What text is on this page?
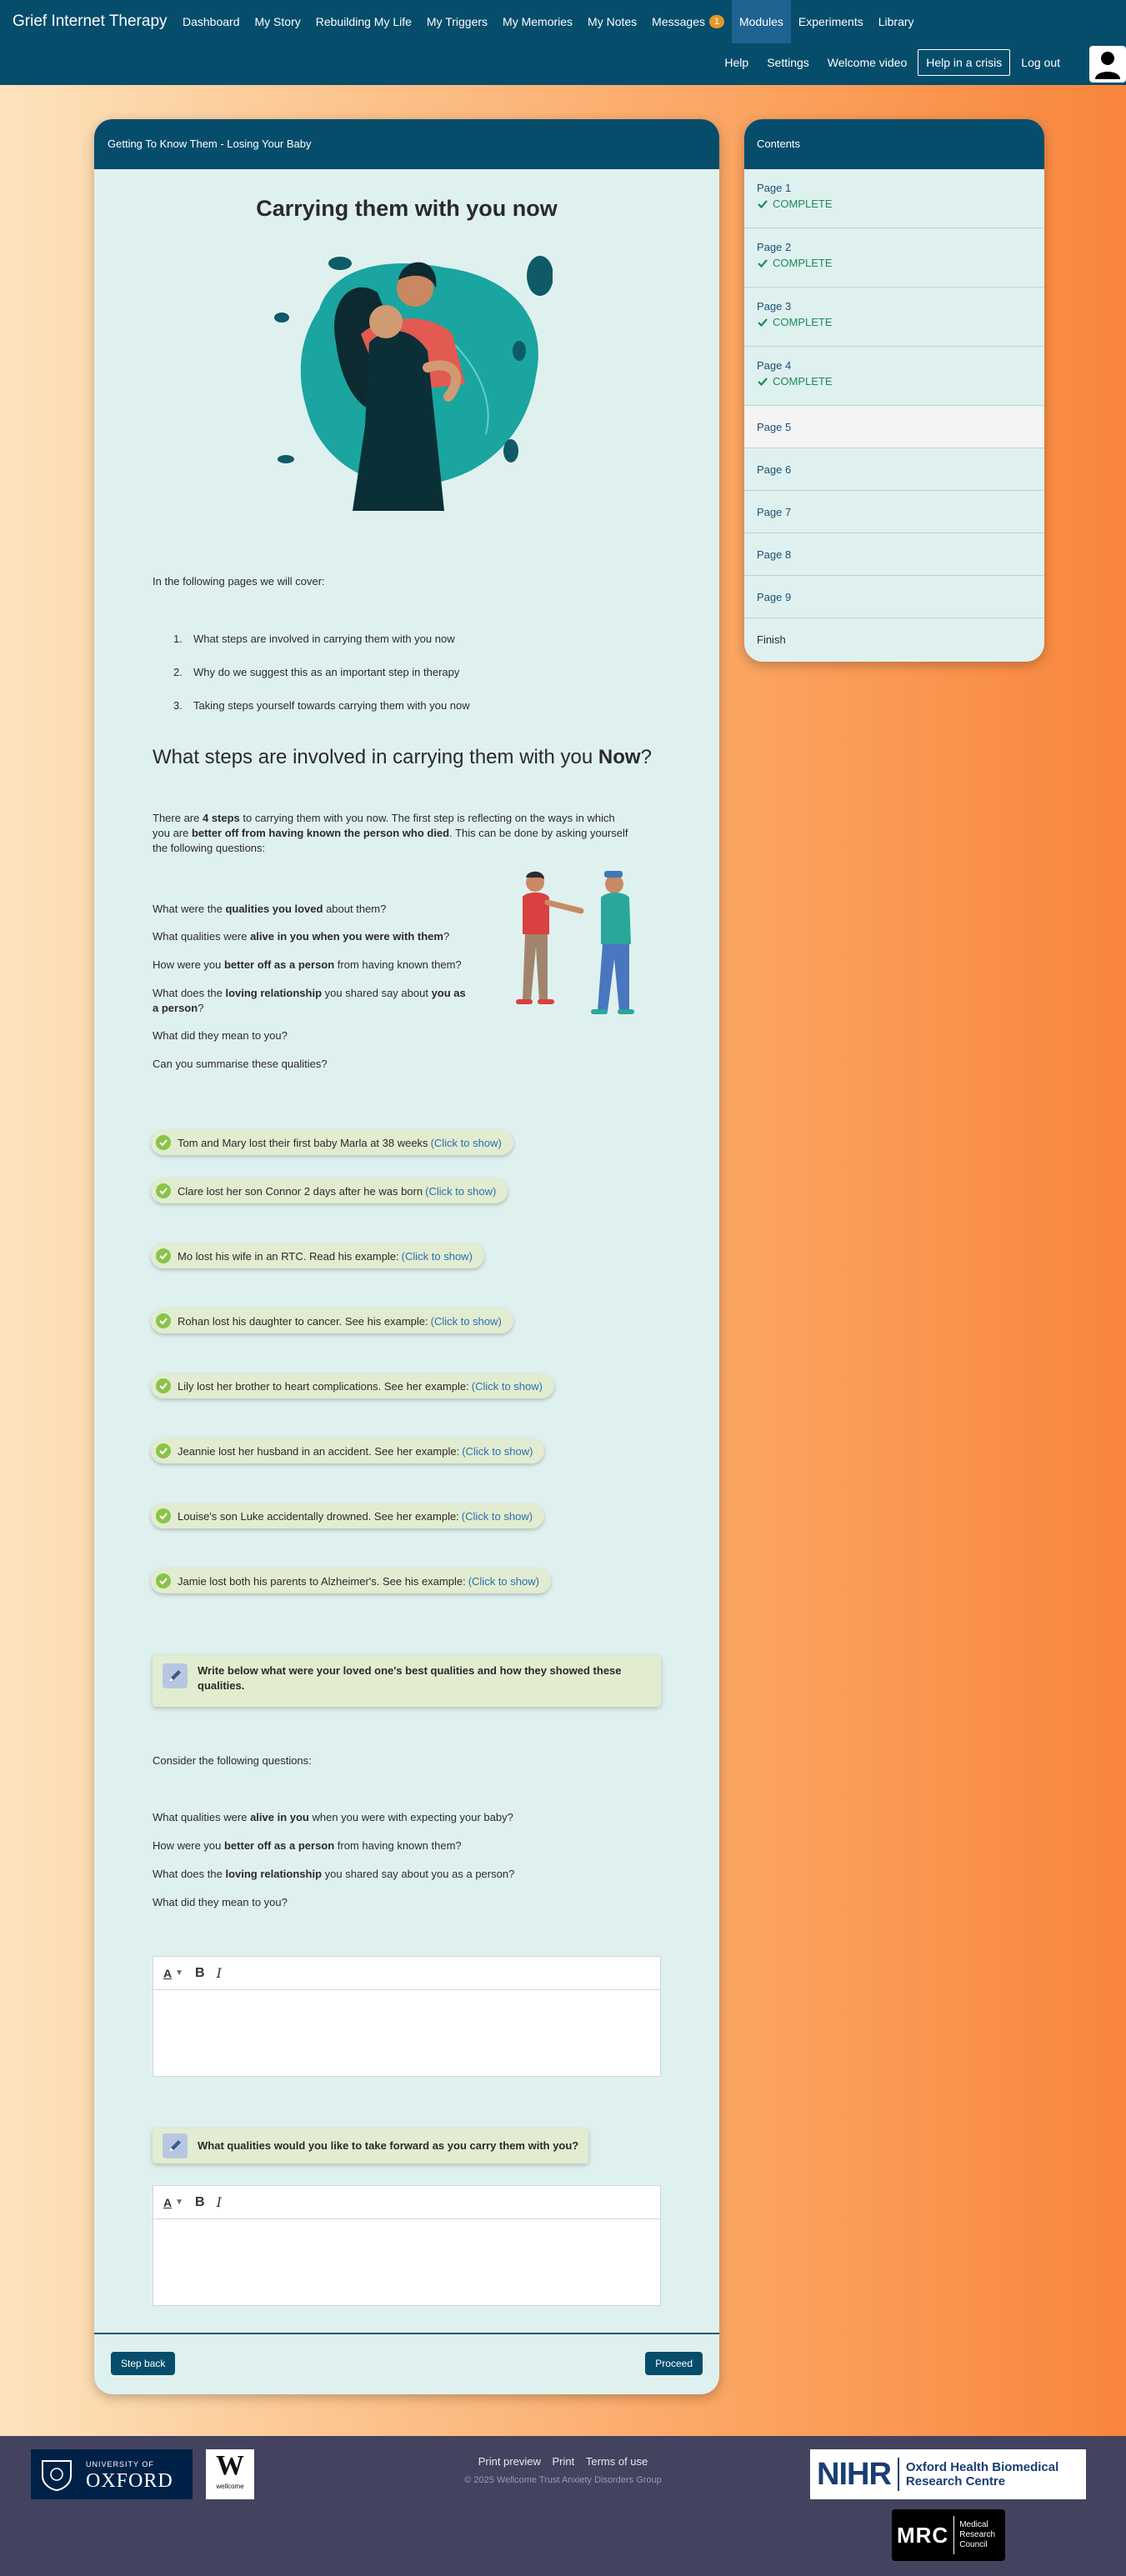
Grief Internet Therapy Dashboard My Story Rebuilding My Life My Triggers My Memories My Notes Messages 1	Modules Experiments Library
Help	Settings	Welcome video	Help in a crisis	Log out
Getting To Know Them - Losing Your Baby
Carrying them with you now
In the following pages we will cover:
1. What steps are involved in carrying them with you now
2. Why do we suggest this as an important step in therapy
3. Taking steps yourself towards carrying them with you now
What steps are involved in carrying them with you Now?
There are 4 steps to carrying them with you now. The first step is reflecting on the ways in which
you are better off from having known the person who died. This can be done by asking yourself
the following questions:
What were the qualities you loved about them?
What qualities were alive in you when you were with them?
How were you better off as a person from having known them?
What does the loving relationship you shared say about you as
a person?
What did they mean to you?
Can you summarise these qualities?
Tom and Mary lost their first baby Marla at 38 weeks (Click to show)
Clare lost her son Connor 2 days after he was born (Click to show)
Mo lost his wife in an RTC. Read his example: (Click to show)
Rohan lost his daughter to cancer. See his example: (Click to show)
Lily lost her brother to heart complications. See her example: (Click to show)
Jeannie lost her husband in an accident. See her example: (Click to show)
Louise's son Luke accidentally drowned. See her example: (Click to show)
Jamie lost both his parents to Alzheimer's. See his example: (Click to show)
Write below what were your loved one's best qualities and how they showed these
qualities.
Consider the following questions:
What qualities were alive in you when you were with expecting your baby?
How were you better off as a person from having known them?
What does the loving relationship you shared say about you as a person?
What did they mean to you?
A ▼ B I
What qualities would you like to take forward as you carry them with you?
A ▼ B I
Step back	Proceed
Contents
Page 1
COMPLETE
Page 2
COMPLETE
Page 3
COMPLETE
Page 4
COMPLETE
Page 5
Page 6
Page 7
Page 8
Page 9
Finish
UNIVERSITY OF
OXFORD	W
wellcome
Print preview Print Terms of use
© 2025 Wellcome Trust Anxiety Disorders Group	NIHR Oxford Health Biomedical
Research Centre
MRC Medical
Research
Council
